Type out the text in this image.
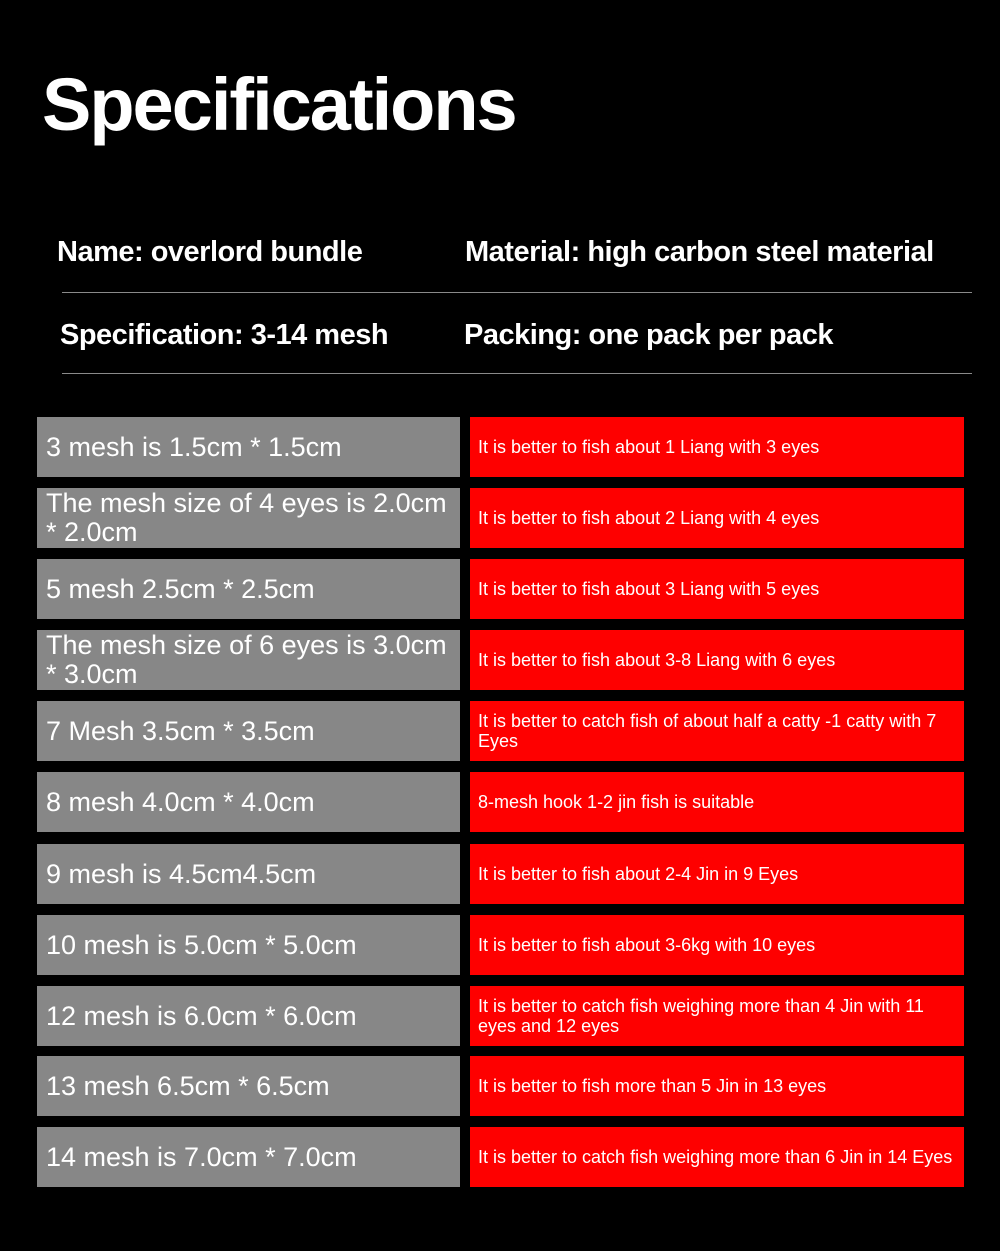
Specifications
Name: overlord bundle	Material: high carbon steel material
Specification: 3-14 mesh	Packing: one pack per pack
3 mesh is 1.5cm * 1.5cm	It is better to fish about 1 Liang with 3 eyes
The mesh size of 4 eyes is 2.0cm * 2.0cm	It is better to fish about 2 Liang with 4 eyes
5 mesh 2.5cm * 2.5cm	It is better to fish about 3 Liang with 5 eyes
The mesh size of 6 eyes is 3.0cm * 3.0cm	It is better to fish about 3-8 Liang with 6 eyes
7 Mesh 3.5cm * 3.5cm	It is better to catch fish of about half a catty -1 catty with 7 Eyes
8 mesh 4.0cm * 4.0cm	8-mesh hook 1-2 jin fish is suitable
9 mesh is 4.5cm4.5cm	It is better to fish about 2-4 Jin in 9 Eyes
10 mesh is 5.0cm * 5.0cm	It is better to fish about 3-6kg with 10 eyes
12 mesh is 6.0cm * 6.0cm	It is better to catch fish weighing more than 4 Jin with 11 eyes and 12 eyes
13 mesh 6.5cm * 6.5cm	It is better to fish more than 5 Jin in 13 eyes
14 mesh is 7.0cm * 7.0cm	It is better to catch fish weighing more than 6 Jin in 14 Eyes
